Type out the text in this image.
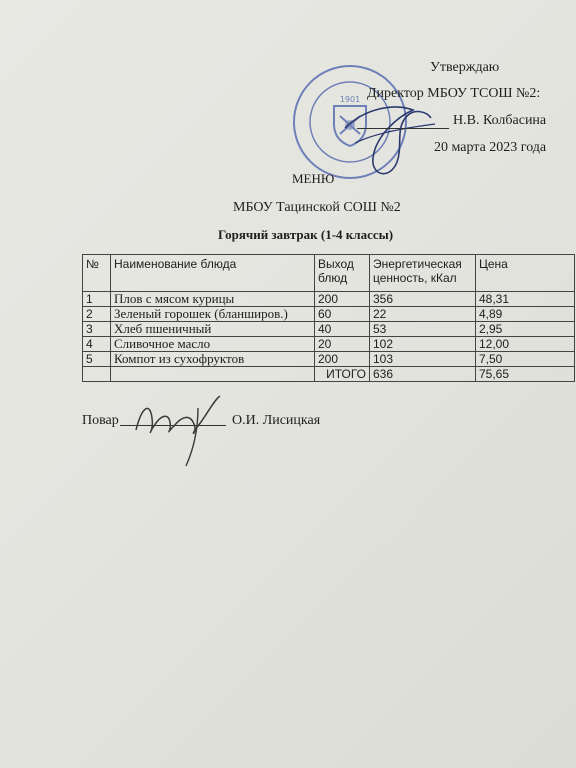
Утверждаю
1901 Директор МБОУ ТСОШ №2:
Н.В. Колбасина
20 марта 2023 года
МЕНЮ
МБОУ Тацинской СОШ №2
Горячий завтрак (1-4 классы)
№	Наименование блюда	Выход блюд	Энергетическая ценность, кКал	Цена
1	Плов с мясом курицы	200	356	48,31
2	Зеленый горошек (бланширов.)	60	22	4,89
3	Хлеб пшеничный	40	53	2,95
4	Сливочное масло	20	102	12,00
5	Компот из сухофруктов	200	103	7,50
		ИТОГО	636	75,65
Повар	О.И. Лисицкая
